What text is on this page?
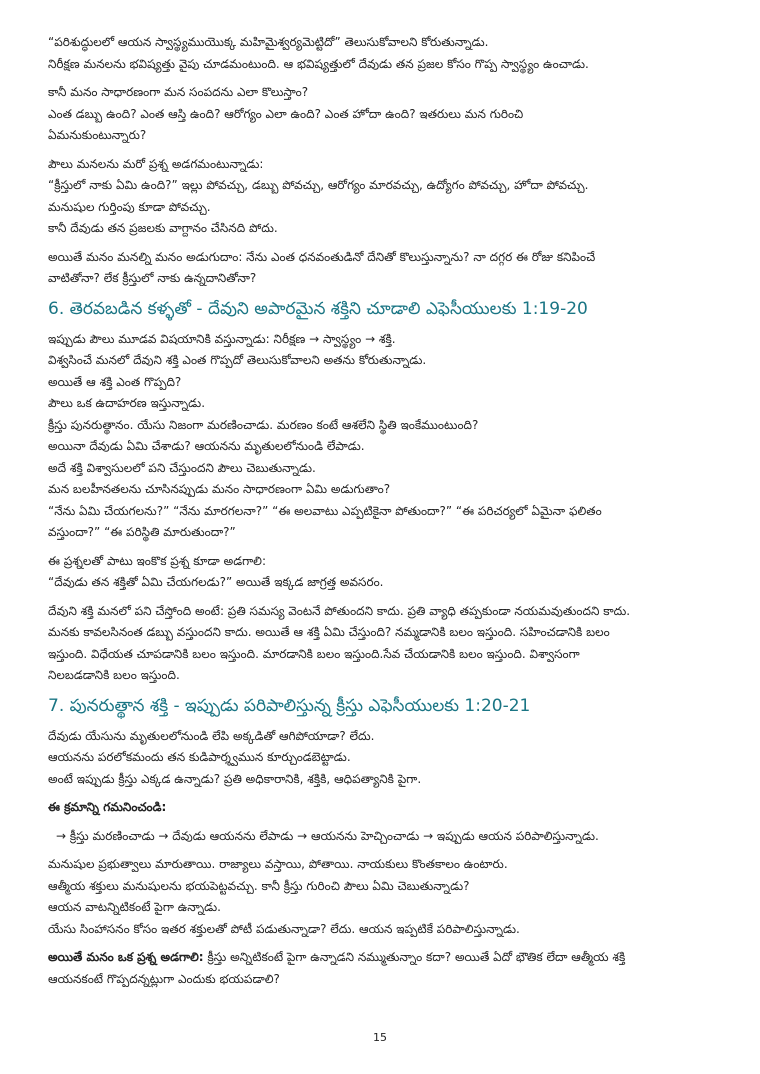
“పరిశుద్ధులలో ఆయన స్వాస్థ్యముయొక్క మహిమైశ్వర్యమెట్టిదో” తెలుసుకోవాలని కోరుతున్నాడు.
నిరీక్షణ మనలను భవిష్యత్తు వైపు చూడమంటుంది. ఆ భవిష్యత్తులో దేవుడు తన ప్రజల కోసం గొప్ప స్వాస్థ్యం ఉంచాడు.
కానీ మనం సాధారణంగా మన సంపదను ఎలా కొలుస్తాం?
ఎంత డబ్బు ఉంది? ఎంత ఆస్తి ఉంది? ఆరోగ్యం ఎలా ఉంది? ఎంత హోదా ఉంది? ఇతరులు మన గురించి
ఏమనుకుంటున్నారు?
పౌలు మనలను మరో ప్రశ్న అడగమంటున్నాడు:
“క్రీస్తులో నాకు ఏమి ఉంది?” ఇల్లు పోవచ్చు, డబ్బు పోవచ్చు, ఆరోగ్యం మారవచ్చు, ఉద్యోగం పోవచ్చు, హోదా పోవచ్చు.
మనుషుల గుర్తింపు కూడా పోవచ్చు.
కానీ దేవుడు తన ప్రజలకు వాగ్దానం చేసినది పోదు.
అయితే మనం మనల్ని మనం అడుగుదాం: నేను ఎంత ధనవంతుడినో దేనితో కొలుస్తున్నాను? నా దగ్గర ఈ రోజు కనిపించే
వాటితోనా? లేక క్రీస్తులో నాకు ఉన్నదానితోనా?
6. తెరవబడిన కళ్ళతో - దేవుని అపారమైన శక్తిని చూడాలి ఎఫెసీయులకు 1:19-20
ఇప్పుడు పౌలు మూడవ విషయానికి వస్తున్నాడు: నిరీక్షణ → స్వాస్థ్యం → శక్తి.
విశ్వసించే మనలో దేవుని శక్తి ఎంత గొప్పదో తెలుసుకోవాలని అతను కోరుతున్నాడు.
అయితే ఆ శక్తి ఎంత గొప్పది?
పౌలు ఒక ఉదాహరణ ఇస్తున్నాడు.
క్రీస్తు పునరుత్థానం. యేసు నిజంగా మరణించాడు. మరణం కంటే ఆశలేని స్థితి ఇంకేముంటుంది?
అయినా దేవుడు ఏమి చేశాడు? ఆయనను మృతులలోనుండి లేపాడు.
అదే శక్తి విశ్వాసులలో పని చేస్తుందని పౌలు చెబుతున్నాడు.
మన బలహీనతలను చూసినప్పుడు మనం సాధారణంగా ఏమి అడుగుతాం?
“నేను ఏమి చేయగలను?” “నేను మారగలనా?” “ఈ అలవాటు ఎప్పటికైనా పోతుందా?” “ఈ పరిచర్యలో ఏమైనా ఫలితం
వస్తుందా?” “ఈ పరిస్థితి మారుతుందా?”
ఈ ప్రశ్నలతో పాటు ఇంకొక ప్రశ్న కూడా అడగాలి:
“దేవుడు తన శక్తితో ఏమి చేయగలడు?” అయితే ఇక్కడ జాగ్రత్త అవసరం.
దేవుని శక్తి మనలో పని చేస్తోంది అంటే: ప్రతి సమస్య వెంటనే పోతుందని కాదు. ప్రతి వ్యాధి తప్పకుండా నయమవుతుందని కాదు.
మనకు కావలసినంత డబ్బు వస్తుందని కాదు. అయితే ఆ శక్తి ఏమి చేస్తుంది? నమ్మడానికి బలం ఇస్తుంది. సహించడానికి బలం
ఇస్తుంది. విధేయత చూపడానికి బలం ఇస్తుంది. మారడానికి బలం ఇస్తుంది.సేవ చేయడానికి బలం ఇస్తుంది. విశ్వాసంగా
నిలబడడానికి బలం ఇస్తుంది.
7. పునరుత్థాన శక్తి - ఇప్పుడు పరిపాలిస్తున్న క్రీస్తు ఎఫెసీయులకు 1:20-21
దేవుడు యేసును మృతులలోనుండి లేపి అక్కడితో ఆగిపోయాడా? లేదు.
ఆయనను పరలోకమందు తన కుడిపార్శ్వమున కూర్చుండబెట్టాడు.
అంటే ఇప్పుడు క్రీస్తు ఎక్కడ ఉన్నాడు? ప్రతి అధికారానికి, శక్తికి, ఆధిపత్యానికి పైగా.
ఈ క్రమాన్ని గమనించండి:
→ క్రీస్తు మరణించాడు → దేవుడు ఆయనను లేపాడు → ఆయనను హెచ్చించాడు → ఇప్పుడు ఆయన పరిపాలిస్తున్నాడు.
మనుషుల ప్రభుత్వాలు మారుతాయి. రాజ్యాలు వస్తాయి, పోతాయి. నాయకులు కొంతకాలం ఉంటారు.
ఆత్మీయ శక్తులు మనుషులను భయపెట్టవచ్చు. కానీ క్రీస్తు గురించి పౌలు ఏమి చెబుతున్నాడు?
ఆయన వాటన్నిటికంటే పైగా ఉన్నాడు.
యేసు సింహాసనం కోసం ఇతర శక్తులతో పోటీ పడుతున్నాడా? లేదు. ఆయన ఇప్పటికే పరిపాలిస్తున్నాడు.
అయితే మనం ఒక ప్రశ్న అడగాలి: క్రీస్తు అన్నిటికంటే పైగా ఉన్నాడని నమ్ముతున్నాం కదా? అయితే ఏదో భౌతిక లేదా ఆత్మీయ శక్తి
ఆయనకంటే గొప్పదన్నట్లుగా ఎందుకు భయపడాలి?
15
